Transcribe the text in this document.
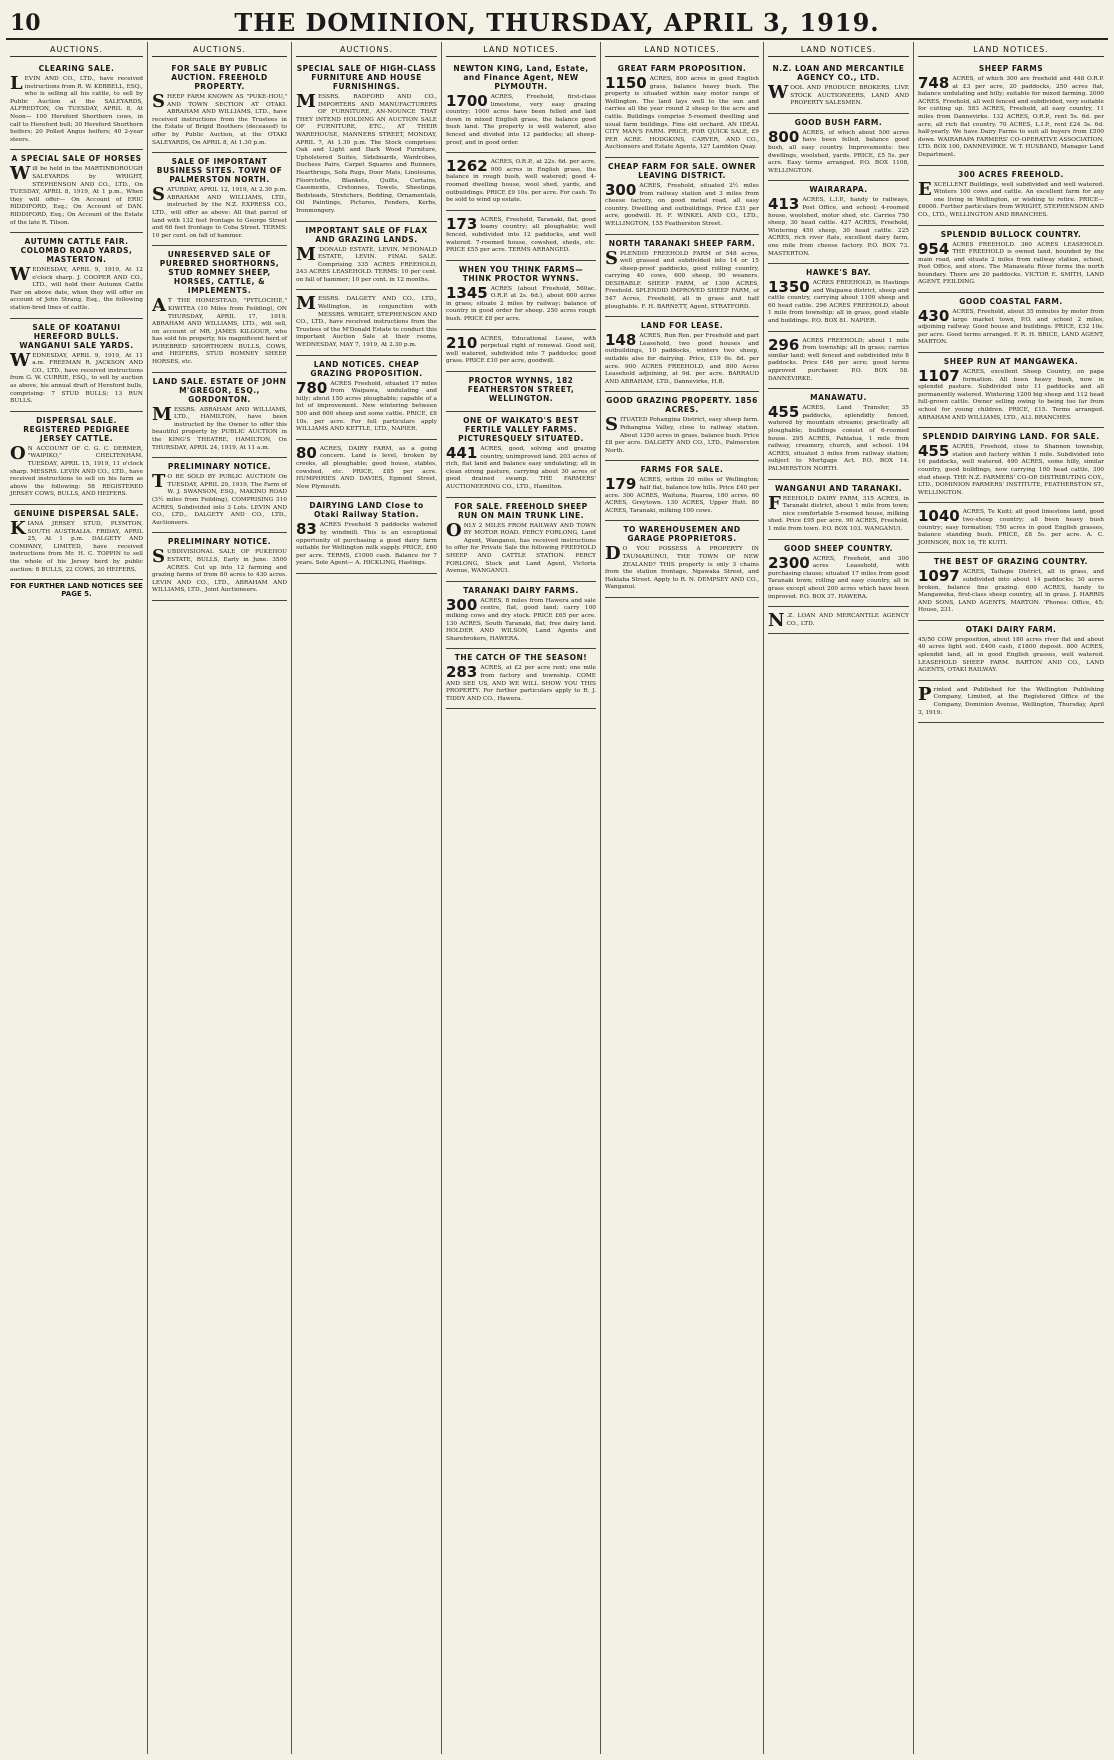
10	THE DOMINION, THURSDAY, APRIL 3, 1919.
AUCTIONS.
CLEARING SALE.
LEVIN AND CO., LTD., have received instructions from R. W. KEBBELL, ESQ., who is selling all his cattle, to sell by Public Auction at the SALEYARDS, ALFREDTON, On TUESDAY, APRIL 8, At Noon— 100 Hereford Shorthorn cows, in calf to Hereford bull; 30 Hereford Shorthorn heifers; 20 Polled Angus heifers; 40 2-year steers.
A SPECIAL SALE OF HORSES
Will be held in the MARTINBOROUGH SALEYARDS by WRIGHT, STEPHENSON AND CO., LTD., On TUESDAY, APRIL 8, 1919, At 1 p.m., When they will offer— On Account of ERIC RIDDIFORD, Esq.; On Account of DAN. RIDDIFORD, Esq.; On Account of the Estate of the late R. Tilson.
AUTUMN CATTLE FAIR. COLOMBO ROAD YARDS, MASTERTON.
WEDNESDAY, APRIL 9, 1919, At 12 o'clock sharp. J. COOPER AND CO., LTD., will hold their Autumn Cattle Fair on above date, when they will offer on account of John Strang, Esq., the following station-bred lines of cattle.
SALE OF KOATANUI HEREFORD BULLS. WANGANUI SALE YARDS.
WEDNESDAY, APRIL 9, 1919, At 11 a.m. FREEMAN R. JACKSON AND CO., LTD., have received instructions from G. W. CURRIE, ESQ., to sell by auction as above, his annual draft of Hereford bulls, comprising: 7 STUD BULLS; 13 RUN BULLS.
DISPERSAL SALE. REGISTERED PEDIGREE JERSEY CATTLE.
O N ACCOUNT OF C. G. C. DERMER, "WAIPIKO," CHELTENHAM. TUESDAY, APRIL 15, 1919, 11 o'clock sharp. MESSRS. LEVIN AND CO., LTD., have received instructions to sell on his farm as above the following: 58 REGISTERED JERSEY COWS, BULLS, AND HEIFERS.
GENUINE DISPERSAL SALE.
KIANA JERSEY STUD, PLYMTON, SOUTH AUSTRALIA. FRIDAY, APRIL 25, At 1 p.m. DALGETY AND COMPANY, LIMITED, have received instructions from Mr. H. C. TOPPIN to sell the whole of his Jersey herd by public auction: 8 BULLS, 22 COWS, 20 HEIFERS.
FOR FURTHER LAND NOTICES SEE PAGE 5.
AUCTIONS.
FOR SALE BY PUBLIC AUCTION. FREEHOLD PROPERTY.
SHEEP FARM KNOWN AS "PUKE-HOU," AND TOWN SECTION AT OTAKI. ABRAHAM AND WILLIAMS, LTD., have received instructions from the Trustees in the Estate of Brigid Boothers (deceased) to offer by Public Auction, at the OTAKI SALEYARDS, On APRIL 8, At 1.30 p.m.
SALE OF IMPORTANT BUSINESS SITES. TOWN OF PALMERSTON NORTH.
SATURDAY, APRIL 12, 1919, At 2.30 p.m. ABRAHAM AND WILLIAMS, LTD., instructed by the N.Z. EXPRESS CO., LTD., will offer as above: All that parcel of land with 132 feet frontage to George Street and 66 feet frontage to Coba Street. TERMS: 10 per cent. on fall of hammer.
UNRESERVED SALE OF PUREBRED SHORTHORNS, STUD ROMNEY SHEEP, HORSES, CATTLE, & IMPLEMENTS.
A T THE HOMESTEAD, "PYTLOCHIE," KIWITEA (10 Miles from Feilding), ON THURSDAY, APRIL 17, 1919. ABRAHAM AND WILLIAMS, LTD., will sell, on account of MR. JAMES KILGOUR, who has sold his property, his magnificent herd of PUREBRED SHORTHORN BULLS, COWS, and HEIFERS, STUD ROMNEY SHEEP, HORSES, etc.
LAND SALE. ESTATE OF JOHN M'GREGOR, ESQ., GORDONTON.
MESSRS. ABRAHAM AND WILLIAMS, LTD., HAMILTON, have been instructed by the Owner to offer this beautiful property by PUBLIC AUCTION in the KING'S THEATRE, HAMILTON, On THURSDAY, APRIL 24, 1919, At 11 a.m.
PRELIMINARY NOTICE.
T O BE SOLD BY PUBLIC AUCTION On TUESDAY, APRIL 29, 1919, The Farm of W. J. SWANSON, ESQ., MAKINO ROAD (3½ miles from Feilding), COMPRISING 310 ACRES, Subdivided into 3 Lots. LEVIN AND CO., LTD., DALGETY AND CO., LTD., Auctioneers.
PRELIMINARY NOTICE.
SUBDIVISIONAL SALE OF PUKEHOU ESTATE, BULLS, Early in June. 3500 ACRES. Cut up into 12 farming and grazing farms of from 80 acres to 430 acres. LEVIN AND CO., LTD., ABRAHAM AND WILLIAMS, LTD., Joint Auctioneers.
AUCTIONS.
SPECIAL SALE OF HIGH-CLASS FURNITURE AND HOUSE FURNISHINGS.
MESSRS. RADFORD AND CO., IMPORTERS AND MANUFACTURERS OF FURNITURE, AN-NOUNCE THAT THEY INTEND HOLDING AN AUCTION SALE OF FURNITURE, ETC., AT THEIR WAREHOUSE, MANNERS STREET, MONDAY, APRIL 7, At 1.30 p.m. The Stock comprises: Oak and Light and Dark Wood Furniture, Upholstered Suites, Sideboards, Wardrobes, Duchess Pairs, Carpet Squares and Runners, Hearthrugs, Sofa Rugs, Door Mats, Linoleums, Floorcloths, Blankets, Quilts, Curtains, Casements, Cretonnes, Towels, Sheetings, Bedsteads, Stretchers, Bedding, Ornamentals, Oil Paintings, Pictures, Fenders, Kerbs, Ironmongery.
IMPORTANT SALE OF FLAX AND GRAZING LANDS.
M 'DONALD ESTATE, LEVIN. M'DONALD ESTATE, LEVIN. FINAL SALE. Comprising 335 ACRES FREEHOLD, 243 ACRES LEASEHOLD. TERMS: 10 per cent. on fall of hammer; 10 per cent. in 12 months.
MESSRS. DALGETY AND CO., LTD., Wellington, in conjunction with MESSRS. WRIGHT, STEPHENSON AND CO., LTD., have received instructions from the Trustees of the M'Donald Estate to conduct this important Auction Sale at their rooms, WEDNESDAY, MAY 7, 1919, At 2.30 p.m.
LAND NOTICES. CHEAP GRAZING PROPOSITION.
780 ACRES Freehold, situated 17 miles from Waipawa, undulating and hilly; about 150 acres ploughable; capable of a lot of improvement. New wintering between 500 and 600 sheep and some cattle. PRICE, £8 10s. per acre. For full particulars apply WILLIAMS AND KETTLE, LTD., NAPIER.
80 ACRES, DAIRY FARM, as a going concern. Land is level, broken by creeks, all ploughable; good house, stables, cowshed, etc. PRICE, £85 per acre. HUMPHRIES AND DAVIES, Egmont Street, New Plymouth.
DAIRYING LAND Close to Otaki Railway Station.
83 ACRES Freehold 5 paddocks watered by windmill. This is an exceptional opportunity of purchasing a good dairy farm suitable for Wellington milk supply. PRICE, £60 per acre. TERMS, £1000 cash. Balance for 7 years. Sole Agent— A. HICKLING, Hastings.
LAND NOTICES.
NEWTON KING, Land, Estate, and Finance Agent, NEW PLYMOUTH.
1700 ACRES, Freehold, first-class limestone, very easy grazing country; 1000 acres have been felled and laid down in mixed English grass, the balance good bush land. The property is well watered, also fenced and divided into 12 paddocks; all sheep-proof, and in good order.
1262 ACRES, O.R.P., at 22s. 6d. per acre, 900 acres in English grass, the balance in rough bush, well watered; good 4-roomed dwelling house, wool shed, yards, and outbuildings. PRICE £9 10s. per acre. For cash. To be sold to wind up estate.
173 ACRES, Freehold, Taranaki, flat, good loamy country; all ploughable; well fenced, subdivided into 12 paddocks, and well watered. 7-roomed house, cowshed, sheds, etc. PRICE £55 per acre. TERMS ARRANGED.
WHEN YOU THINK FARMS—THINK PROCTOR WYNNS.
1345 ACRES (about Freehold, 560ac. O.R.P. at 2s. 6d.), about 600 acres in grass; situate 2 miles by railway; balance of country in good order for sheep. 250 acres rough bush. PRICE £8 per acre.
210 ACRES, Educational Lease, with perpetual right of renewal. Good soil, well watered, subdivided into 7 paddocks; good grass. PRICE £10 per acre, goodwill.
PROCTOR WYNNS, 182 FEATHERSTON STREET, WELLINGTON.
ONE OF WAIKATO'S BEST FERTILE VALLEY FARMS. PICTURESQUELY SITUATED.
441 ACRES, good, solving and grazing country, unimproved land. 203 acres of rich, flat land and balance easy undulating; all in clean strong pasture, carrying about 30 acres of good drained swamp. THE FARMERS' AUCTIONEERING CO., LTD., Hamilton.
FOR SALE. FREEHOLD SHEEP RUN ON MAIN TRUNK LINE.
ONLY 2 MILES FROM RAILWAY AND TOWN BY MOTOR ROAD. PERCY FORLONG, Land Agent, Wanganui, has received instructions to offer for Private Sale the following FREEHOLD SHEEP AND CATTLE STATION. PERCY FORLONG, Stock and Land Agent, Victoria Avenue, WANGANUI.
TARANAKI DAIRY FARMS.
300 ACRES, 8 miles from Hawera and sale centre, flat, good land; carry 100 milking cows and dry stock. PRICE £65 per acre. 130 ACRES, South Taranaki, flat, free dairy land. HOLDER AND WILSON, Land Agents and Sharebrokers, HAWERA.
THE CATCH OF THE SEASON!
283 ACRES, at £2 per acre rent; one mile from factory and township. COME AND SEE US, AND WE WILL SHOW YOU THIS PROPERTY. For further particulars apply to R. J. TIDDY AND CO., Hawera.
LAND NOTICES.
GREAT FARM PROPOSITION.
1150 ACRES, 800 acres in good English grass, balance heavy bush. The property is situated within easy motor range of Wellington. The land lays well to the sun and carries all the year round 2 sheep to the acre and cattle. Buildings comprise 5-roomed dwelling and usual farm buildings. Fine old orchard. AN IDEAL CITY MAN'S FARM. PRICE, FOR QUICK SALE, £9 PER ACRE. HODGKINS, CARVER, AND CO., Auctioneers and Estate Agents, 127 Lambton Quay.
CHEAP FARM FOR SALE. OWNER LEAVING DISTRICT.
300 ACRES, Freehold, situated 2½ miles from railway station and 3 miles from cheese factory, on good metal road, all easy country. Dwelling and outbuildings. Price £31 per acre, goodwill. H. F. WINKEL AND CO., LTD., WELLINGTON, 155 Featherston Street.
NORTH TARANAKI SHEEP FARM.
SPLENDID FREEHOLD FARM of 548 acres, well grassed and subdivided into 14 or 15 sheep-proof paddocks, good rolling country, carrying 40 cows, 600 sheep, 90 weaners. DESIRABLE SHEEP FARM, of 1300 ACRES, Freehold. SPLENDID IMPROVED SHEEP FARM, of 547 Acres, Freehold, all in grass and half ploughable. F. H. BARNETT, Agent, STRATFORD.
LAND FOR LEASE.
148 ACRES, Run Ren. per Freehold and part Leasehold, two good houses and outbuildings, 10 paddocks, winters two sheep, suitable also for dairying. Price, £19 6s. 8d. per acre. 900 ACRES FREEHOLD, and 800 Acres Leasehold adjoining, at 9d. per acre. BARRAUD AND ABRAHAM, LTD., Dannevirke, H.B.
GOOD GRAZING PROPERTY. 1856 ACRES.
SITUATED Pohangina District, easy sheep farm. Pohangina Valley, close to railway station. About 1250 acres in grass, balance bush. Price £8 per acre. DALGETY AND CO., LTD., Palmerston North.
FARMS FOR SALE.
179 ACRES, within 20 miles of Wellington; half flat, balance low hills. Price £40 per acre. 300 ACRES, Waituna, Ruaroa, 180 acres. 60 ACRES, Greytown. 130 ACRES, Upper Hutt. 80 ACRES, Taranaki, milking 100 cows.
TO WAREHOUSEMEN AND GARAGE PROPRIETORS.
D O YOU POSSESS A PROPERTY IN TAUMARUNUI, THE TOWN OF NEW ZEALAND? THIS property is only 3 chains from the station frontage, Ngawaka Street, and Hakiaha Street. Apply to R. N. DEMPSEY AND CO., Wanganui.
LAND NOTICES.
N.Z. LOAN AND MERCANTILE AGENCY CO., LTD.
WOOL AND PRODUCE BROKERS, LIVE STOCK AUCTIONEERS, LAND AND PROPERTY SALESMEN.
GOOD BUSH FARM.
800 ACRES, of which about 500 acres have been felled, balance good bush, all easy country. Improvements: two dwellings, woolshed, yards. PRICE, £5 5s. per acre. Easy terms arranged. P.O. BOX 1108, WELLINGTON.
WAIRARAPA.
413 ACRES, L.I.P., handy to railways, Post Office, and school; 4-roomed house, woolshed, motor shed, etc. Carries 750 sheep, 30 head cattle. 427 ACRES, Freehold, Wintering 450 sheep, 30 head cattle. 225 ACRES, rich river flats, excellent dairy farm, one mile from cheese factory. P.O. BOX 73. MASTERTON.
HAWKE'S BAY.
1350 ACRES FREEHOLD, in Hastings and Waipawa district, sheep and cattle country, carrying about 1100 sheep and 60 head cattle. 296 ACRES FREEHOLD, about 1 mile from township; all in grass, good stable and buildings. P.O. BOX 81. NAPIER.
296 ACRES FREEHOLD; about 1 mile from township; all in grass; carries similar land; well fenced and subdivided into 8 paddocks. Price £46 per acre; good terms approved purchaser. P.O. BOX 58. DANNEVIRKE.
MANAWATU.
455 ACRES, Land Transfer, 35 paddocks, splendidly fenced, watered by mountain streams; practically all ploughable; buildings consist of 6-roomed house. 295 ACRES, Pahiatua, 1 mile from railway, creamery, church, and school. 194 ACRES, situated 3 miles from railway station; subject to Mortgage Act. P.O. BOX 14. PALMERSTON NORTH.
WANGANUI AND TARANAKI.
FREEHOLD DAIRY FARM, 315 ACRES, in Taranaki district, about 1 mile from town; nice comfortable 5-roomed house, milking shed. Price £95 per acre. 90 ACRES, Freehold, 1 mile from town. P.O. BOX 103. WANGANUI.
GOOD SHEEP COUNTRY.
2300 ACRES, Freehold, and 300 acres Leasehold, with purchasing clause; situated 17 miles from good Taranaki town; rolling and easy country, all in grass except about 200 acres which have been improved. P.O. BOX 37. HAWERA.
N .Z. LOAN AND MERCANTILE AGENCY CO., LTD.
LAND NOTICES.
SHEEP FARMS
748 ACRES, of which 300 are freehold and 448 O.R.P. at £3 per acre, 20 paddocks, 250 acres flat, balance undulating and hilly; suitable for mixed farming. 2000 ACRES, Freehold, all well fenced and subdivided, very suitable for cutting up. 583 ACRES, Freehold, all easy country, 11 miles from Dannevirke. 132 ACRES, O.R.P., rent 5s. 6d. per acre, all rich flat country. 70 ACRES, L.I.P., rent £24 3s. 6d. half-yearly. We have Dairy Farms to suit all buyers from £500 down. WAIRARAPA FARMERS' CO-OPERATIVE ASSOCIATION, LTD. BOX 100, DANNEVIRKE. W. T. HUSBAND, Manager Land Department.
300 ACRES FREEHOLD.
EXCELLENT Buildings, well subdivided and well watered. Winters 100 cows and cattle. An excellent farm for any one living in Wellington, or wishing to retire. PRICE—£6000. Further particulars from WRIGHT, STEPHENSON AND CO., LTD., WELLINGTON AND BRANCHES.
SPLENDID BULLOCK COUNTRY.
954 ACRES FREEHOLD. 360 ACRES LEASEHOLD. THE FREEHOLD is owned land, bounded by the main road, and situate 2 miles from railway station, school, Post Office, and store. The Manawatu River forms the north boundary. There are 20 paddocks. VICTOR E. SMITH, LAND AGENT, FEILDING.
GOOD COASTAL FARM.
430 ACRES, Freehold, about 35 minutes by motor from large market town, P.O. and school 2 miles, adjoining railway. Good house and buildings. PRICE, £32 10s. per acre. Good terms arranged. F. R. H. BRICE, LAND AGENT, MARTON.
SHEEP RUN AT MANGAWEKA.
1107 ACRES, excellent Sheep Country, on papa formation. All been heavy bush, now in splendid pasture. Subdivided into 11 paddocks and all permanently watered. Wintering 1200 big sheep and 112 head full-grown cattle. Owner selling owing to being too far from school for young children. PRICE, £15. Terms arranged. ABRAHAM AND WILLIAMS, LTD., ALL BRANCHES.
SPLENDID DAIRYING LAND. FOR SALE.
455 ACRES, Freehold, close to Shannon township, station and factory within 1 mile. Subdivided into 16 paddocks, well watered. 490 ACRES, some hilly, similar country, good buildings, now carrying 100 head cattle, 300 stud sheep. THE N.Z. FARMERS' CO-OP. DISTRIBUTING COY., LTD., DOMINION FARMERS' INSTITUTE, FEATHERSTON ST., WELLINGTON.
1040 ACRES, Te Kuiti; all good limestone land, good two-sheep country; all been heavy bush country; easy formation; 750 acres in good English grasses, balance standing bush. PRICE, £8 5s. per acre. A. C. JOHNSON, BOX 16, TE KUITI.
THE BEST OF GRAZING COUNTRY.
1097 ACRES, Taihape District, all in grass, and subdivided into about 14 paddocks; 30 acres broken, balance fine grazing. 600 ACRES, handy to Mangaweka, first-class sheep country, all in grass. J. HARRIS AND SONS, LAND AGENTS, MARTON. 'Phones: Office, 45; House, 231.
OTAKI DAIRY FARM.
45/50 COW proposition, about 180 acres river flat and about 40 acres light soil. £400 cash, £1800 deposit. 800 ACRES, splendid land, all in good English grasses, well watered. LEASEHOLD SHEEP FARM. BARTON AND CO., LAND AGENTS, OTAKI RAILWAY.
Printed and Published for the Wellington Publishing Company, Limited, at the Registered Office of the Company, Dominion Avenue, Wellington, Thursday, April 3, 1919.
